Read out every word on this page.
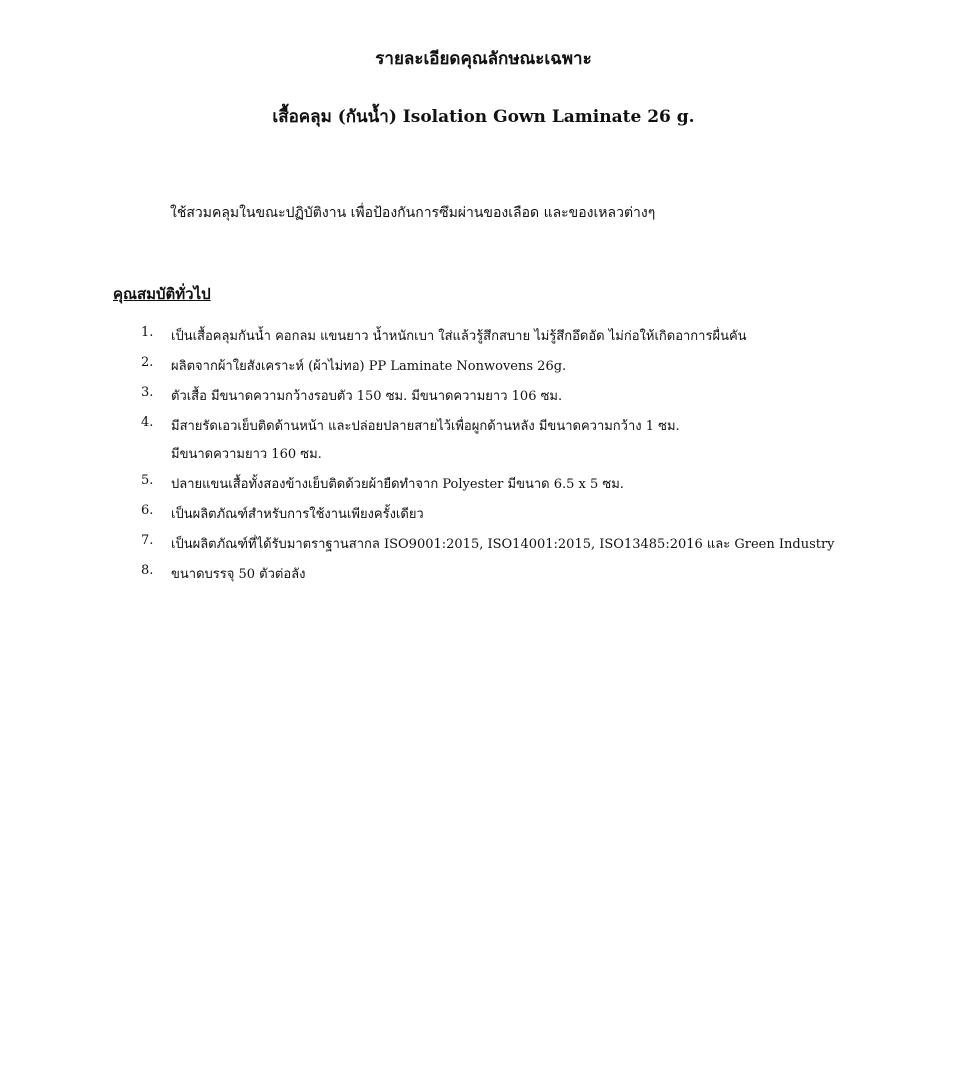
รายละเอียดคุณลักษณะเฉพาะ
เสื้อคลุม (กันน้ำ) Isolation Gown Laminate 26 g.
ใช้สวมคลุมในขณะปฏิบัติงาน เพื่อป้องกันการซึมผ่านของเลือด และของเหลวต่างๆ
คุณสมบัติทั่วไป
1.	เป็นเสื้อคลุมกันน้ำ คอกลม แขนยาว น้ำหนักเบา ใส่แล้วรู้สึกสบาย ไม่รู้สึกอึดอัด ไม่ก่อให้เกิดอาการผื่นคัน
2.	ผลิตจากผ้าใยสังเคราะห์ (ผ้าไม่ทอ) PP Laminate Nonwovens 26g.
3.	ตัวเสื้อ มีขนาดความกว้างรอบตัว 150 ซม. มีขนาดความยาว 106 ซม.
4.	มีสายรัดเอวเย็บติดด้านหน้า และปล่อยปลายสายไว้เพื่อผูกด้านหลัง มีขนาดความกว้าง 1 ซม.
มีขนาดความยาว 160 ซม.
5.	ปลายแขนเสื้อทั้งสองข้างเย็บติดด้วยผ้ายืดทำจาก Polyester มีขนาด 6.5 x 5 ซม.
6.	เป็นผลิตภัณฑ์สำหรับการใช้งานเพียงครั้งเดียว
7.	เป็นผลิตภัณฑ์ที่ได้รับมาตราฐานสากล ISO9001:2015, ISO14001:2015, ISO13485:2016 และ Green Industry
8.	ขนาดบรรจุ 50 ตัวต่อลัง
